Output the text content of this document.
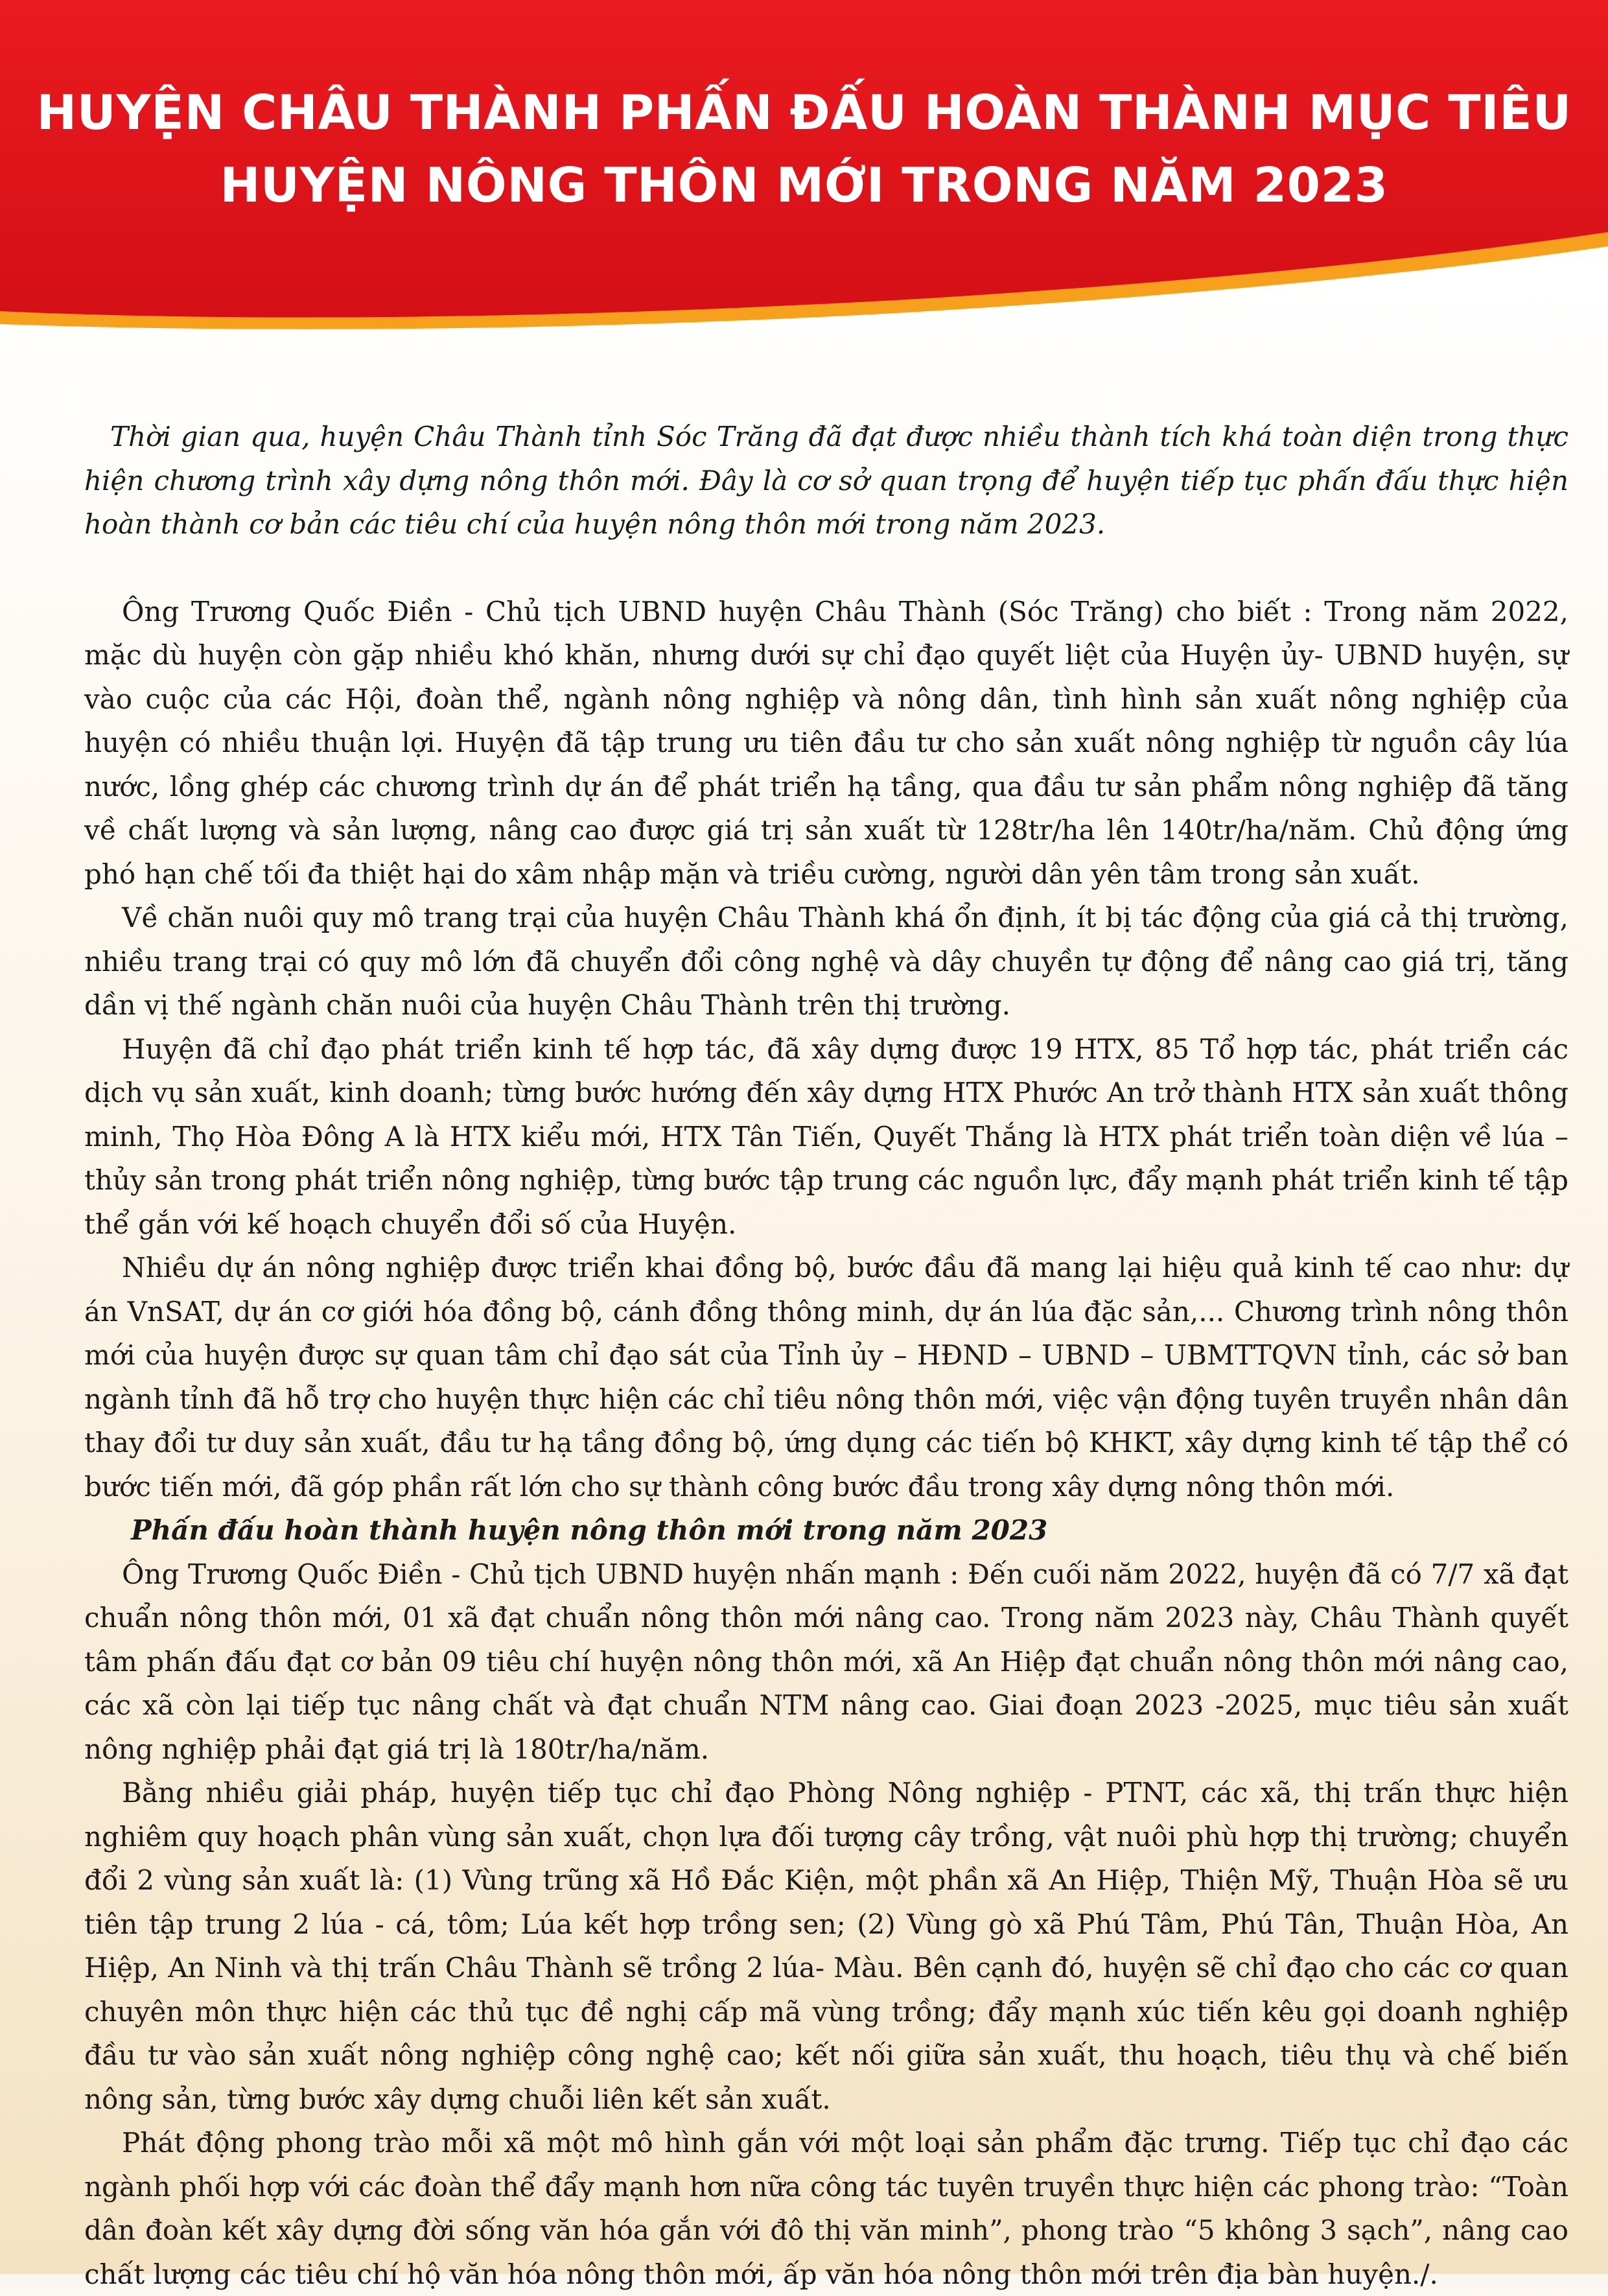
HUYỆN CHÂU THÀNH PHẤN ĐẤU HOÀN THÀNH MỤC TIÊU
HUYỆN NÔNG THÔN MỚI TRONG NĂM 2023

Thời gian qua, huyện Châu Thành tỉnh Sóc Trăng đã đạt được nhiều thành tích khá toàn diện trong thực hiện chương trình xây dựng nông thôn mới. Đây là cơ sở quan trọng để huyện tiếp tục phấn đấu thực hiện hoàn thành cơ bản các tiêu chí của huyện nông thôn mới trong năm 2023.

Ông Trương Quốc Điền - Chủ tịch UBND huyện Châu Thành (Sóc Trăng) cho biết : Trong năm 2022, mặc dù huyện còn gặp nhiều khó khăn, nhưng dưới sự chỉ đạo quyết liệt của Huyện ủy- UBND huyện, sự vào cuộc của các Hội, đoàn thể, ngành nông nghiệp và nông dân, tình hình sản xuất nông nghiệp của huyện có nhiều thuận lợi. Huyện đã tập trung ưu tiên đầu tư cho sản xuất nông nghiệp từ nguồn cây lúa nước, lồng ghép các chương trình dự án để phát triển hạ tầng, qua đầu tư sản phẩm nông nghiệp đã tăng về chất lượng và sản lượng, nâng cao được giá trị sản xuất từ 128tr/ha lên 140tr/ha/năm. Chủ động ứng phó hạn chế tối đa thiệt hại do xâm nhập mặn và triều cường, người dân yên tâm trong sản xuất.

Về chăn nuôi quy mô trang trại của huyện Châu Thành khá ổn định, ít bị tác động của giá cả thị trường, nhiều trang trại có quy mô lớn đã chuyển đổi công nghệ và dây chuyền tự động để nâng cao giá trị, tăng dần vị thế ngành chăn nuôi của huyện Châu Thành trên thị trường.

Huyện đã chỉ đạo phát triển kinh tế hợp tác, đã xây dựng được 19 HTX, 85 Tổ hợp tác, phát triển các dịch vụ sản xuất, kinh doanh; từng bước hướng đến xây dựng HTX Phước An trở thành HTX sản xuất thông minh, Thọ Hòa Đông A là HTX kiểu mới, HTX Tân Tiến, Quyết Thắng là HTX phát triển toàn diện về lúa – thủy sản trong phát triển nông nghiệp, từng bước tập trung các nguồn lực, đẩy mạnh phát triển kinh tế tập thể gắn với kế hoạch chuyển đổi số của Huyện.

Nhiều dự án nông nghiệp được triển khai đồng bộ, bước đầu đã mang lại hiệu quả kinh tế cao như: dự án VnSAT, dự án cơ giới hóa đồng bộ, cánh đồng thông minh, dự án lúa đặc sản,... Chương trình nông thôn mới của huyện được sự quan tâm chỉ đạo sát của Tỉnh ủy – HĐND – UBND – UBMTTQVN tỉnh, các sở ban ngành tỉnh đã hỗ trợ cho huyện thực hiện các chỉ tiêu nông thôn mới, việc vận động tuyên truyền nhân dân thay đổi tư duy sản xuất, đầu tư hạ tầng đồng bộ, ứng dụng các tiến bộ KHKT, xây dựng kinh tế tập thể có bước tiến mới, đã góp phần rất lớn cho sự thành công bước đầu trong xây dựng nông thôn mới.

Phấn đấu hoàn thành huyện nông thôn mới trong năm 2023

Ông Trương Quốc Điền - Chủ tịch UBND huyện nhấn mạnh : Đến cuối năm 2022, huyện đã có 7/7 xã đạt chuẩn nông thôn mới, 01 xã đạt chuẩn nông thôn mới nâng cao. Trong năm 2023 này, Châu Thành quyết tâm phấn đấu đạt cơ bản 09 tiêu chí huyện nông thôn mới, xã An Hiệp đạt chuẩn nông thôn mới nâng cao, các xã còn lại tiếp tục nâng chất và đạt chuẩn NTM nâng cao. Giai đoạn 2023 -2025, mục tiêu sản xuất nông nghiệp phải đạt giá trị là 180tr/ha/năm.

Bằng nhiều giải pháp, huyện tiếp tục chỉ đạo Phòng Nông nghiệp - PTNT, các xã, thị trấn thực hiện nghiêm quy hoạch phân vùng sản xuất, chọn lựa đối tượng cây trồng, vật nuôi phù hợp thị trường; chuyển đổi 2 vùng sản xuất là: (1) Vùng trũng xã Hồ Đắc Kiện, một phần xã An Hiệp, Thiện Mỹ, Thuận Hòa sẽ ưu tiên tập trung 2 lúa - cá, tôm; Lúa kết hợp trồng sen; (2) Vùng gò xã Phú Tâm, Phú Tân, Thuận Hòa, An Hiệp, An Ninh và thị trấn Châu Thành sẽ trồng 2 lúa- Màu. Bên cạnh đó, huyện sẽ chỉ đạo cho các cơ quan chuyên môn thực hiện các thủ tục đề nghị cấp mã vùng trồng; đẩy mạnh xúc tiến kêu gọi doanh nghiệp đầu tư vào sản xuất nông nghiệp công nghệ cao; kết nối giữa sản xuất, thu hoạch, tiêu thụ và chế biến nông sản, từng bước xây dựng chuỗi liên kết sản xuất.

Phát động phong trào mỗi xã một mô hình gắn với một loại sản phẩm đặc trưng. Tiếp tục chỉ đạo các ngành phối hợp với các đoàn thể đẩy mạnh hơn nữa công tác tuyên truyền thực hiện các phong trào: “Toàn dân đoàn kết xây dựng đời sống văn hóa gắn với đô thị văn minh”, phong trào “5 không 3 sạch”, nâng cao chất lượng các tiêu chí hộ văn hóa nông thôn mới, ấp văn hóa nông thôn mới trên địa bàn huyện./.
